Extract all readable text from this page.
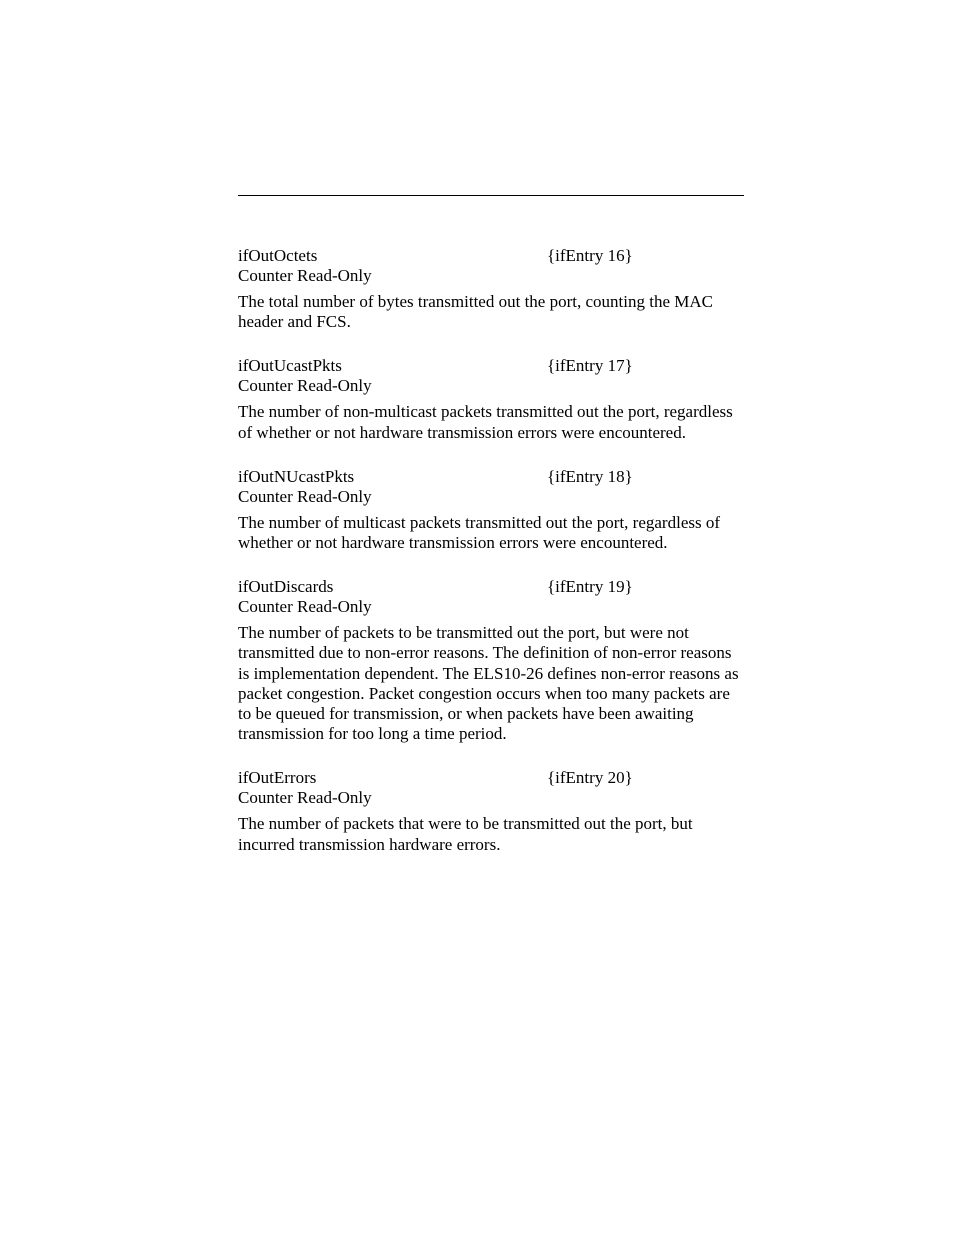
ifOutOctets	{ifEntry 16}
Counter Read-Only
The total number of bytes transmitted out the port, counting the MAC header and FCS.
ifOutUcastPkts	{ifEntry 17}
Counter Read-Only
The number of non-multicast packets transmitted out the port, regardless of whether or not hardware transmission errors were encountered.
ifOutNUcastPkts	{ifEntry 18}
Counter Read-Only
The number of multicast packets transmitted out the port, regardless of whether or not hardware transmission errors were encountered.
ifOutDiscards	{ifEntry 19}
Counter Read-Only
The number of packets to be transmitted out the port, but were not transmitted due to non-error reasons. The definition of non-error reasons is implementation dependent. The ELS10-26 defines non-error reasons as packet congestion. Packet congestion occurs when too many packets are to be queued for transmission, or when packets have been awaiting transmission for too long a time period.
ifOutErrors	{ifEntry 20}
Counter Read-Only
The number of packets that were to be transmitted out the port, but incurred transmission hardware errors.
